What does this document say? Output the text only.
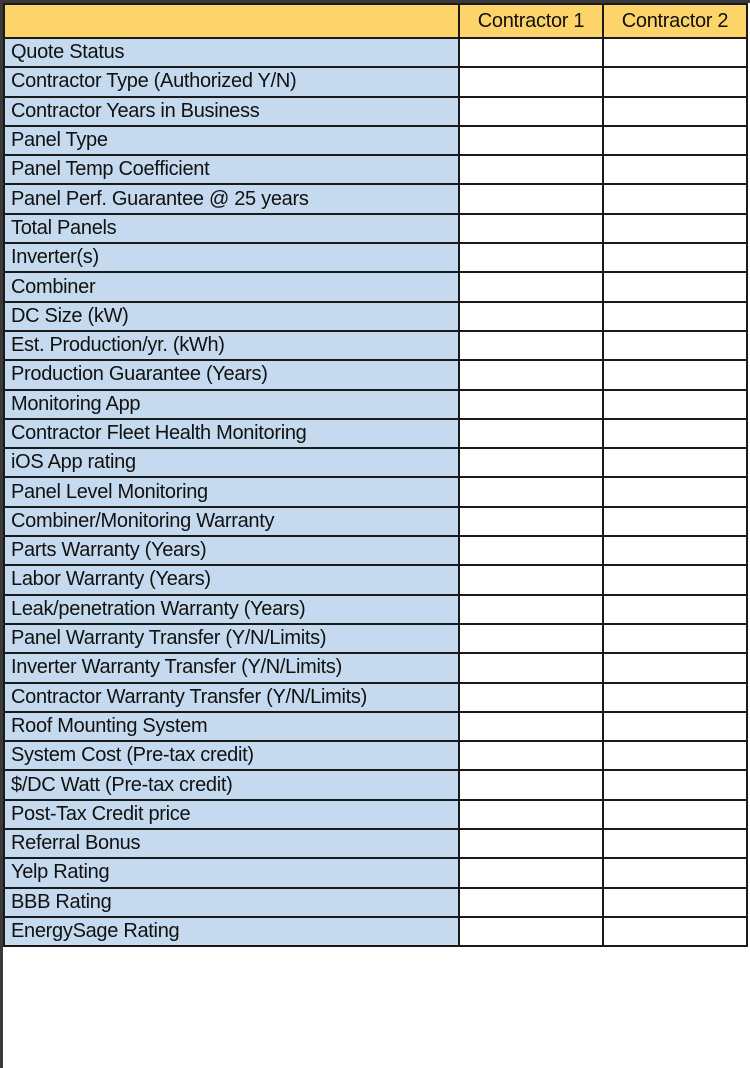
	Contractor 1	Contractor 2
Quote Status		
Contractor Type (Authorized Y/N)		
Contractor Years in Business		
Panel Type		
Panel Temp Coefficient		
Panel Perf. Guarantee @ 25 years		
Total Panels		
Inverter(s)		
Combiner		
DC Size (kW)		
Est. Production/yr. (kWh)		
Production Guarantee (Years)		
Monitoring App		
Contractor Fleet Health Monitoring		
iOS App rating		
Panel Level Monitoring		
Combiner/Monitoring Warranty		
Parts Warranty (Years)		
Labor Warranty (Years)		
Leak/penetration Warranty (Years)		
Panel Warranty Transfer (Y/N/Limits)		
Inverter Warranty Transfer (Y/N/Limits)		
Contractor Warranty Transfer (Y/N/Limits)		
Roof Mounting System		
System Cost (Pre-tax credit)		
$/DC Watt (Pre-tax credit)		
Post-Tax Credit price		
Referral Bonus		
Yelp Rating		
BBB Rating		
EnergySage Rating		
